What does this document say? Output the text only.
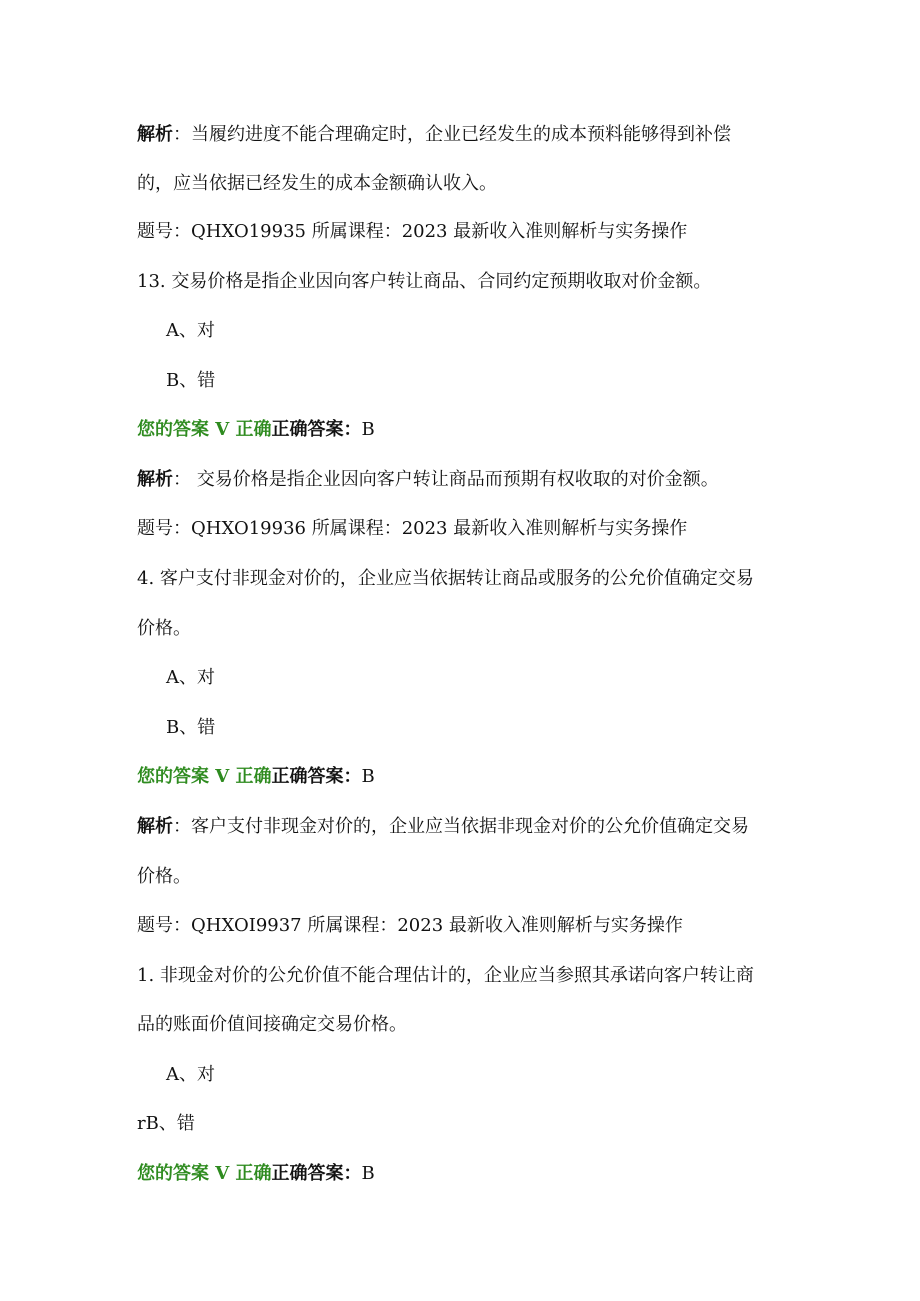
解析：当履约进度不能合理确定时，企业已经发生的成本预料能够得到补偿
的，应当依据已经发生的成本金额确认收入。
题号：QHXO19935 所属课程：2023 最新收入准则解析与实务操作
13. 交易价格是指企业因向客户转让商品、合同约定预期收取对价金额。
A、对
B、错
您的答案 V 正确正确答案：B
解析： 交易价格是指企业因向客户转让商品而预期有权收取的对价金额。
题号：QHXO19936 所属课程：2023 最新收入准则解析与实务操作
4. 客户支付非现金对价的，企业应当依据转让商品或服务的公允价值确定交易
价格。
A、对
B、错
您的答案 V 正确正确答案：B
解析：客户支付非现金对价的，企业应当依据非现金对价的公允价值确定交易
价格。
题号：QHXOI9937 所属课程：2023 最新收入准则解析与实务操作
1. 非现金对价的公允价值不能合理估计的，企业应当参照其承诺向客户转让商
品的账面价值间接确定交易价格。
A、对
rB、错
您的答案 V 正确正确答案：B
